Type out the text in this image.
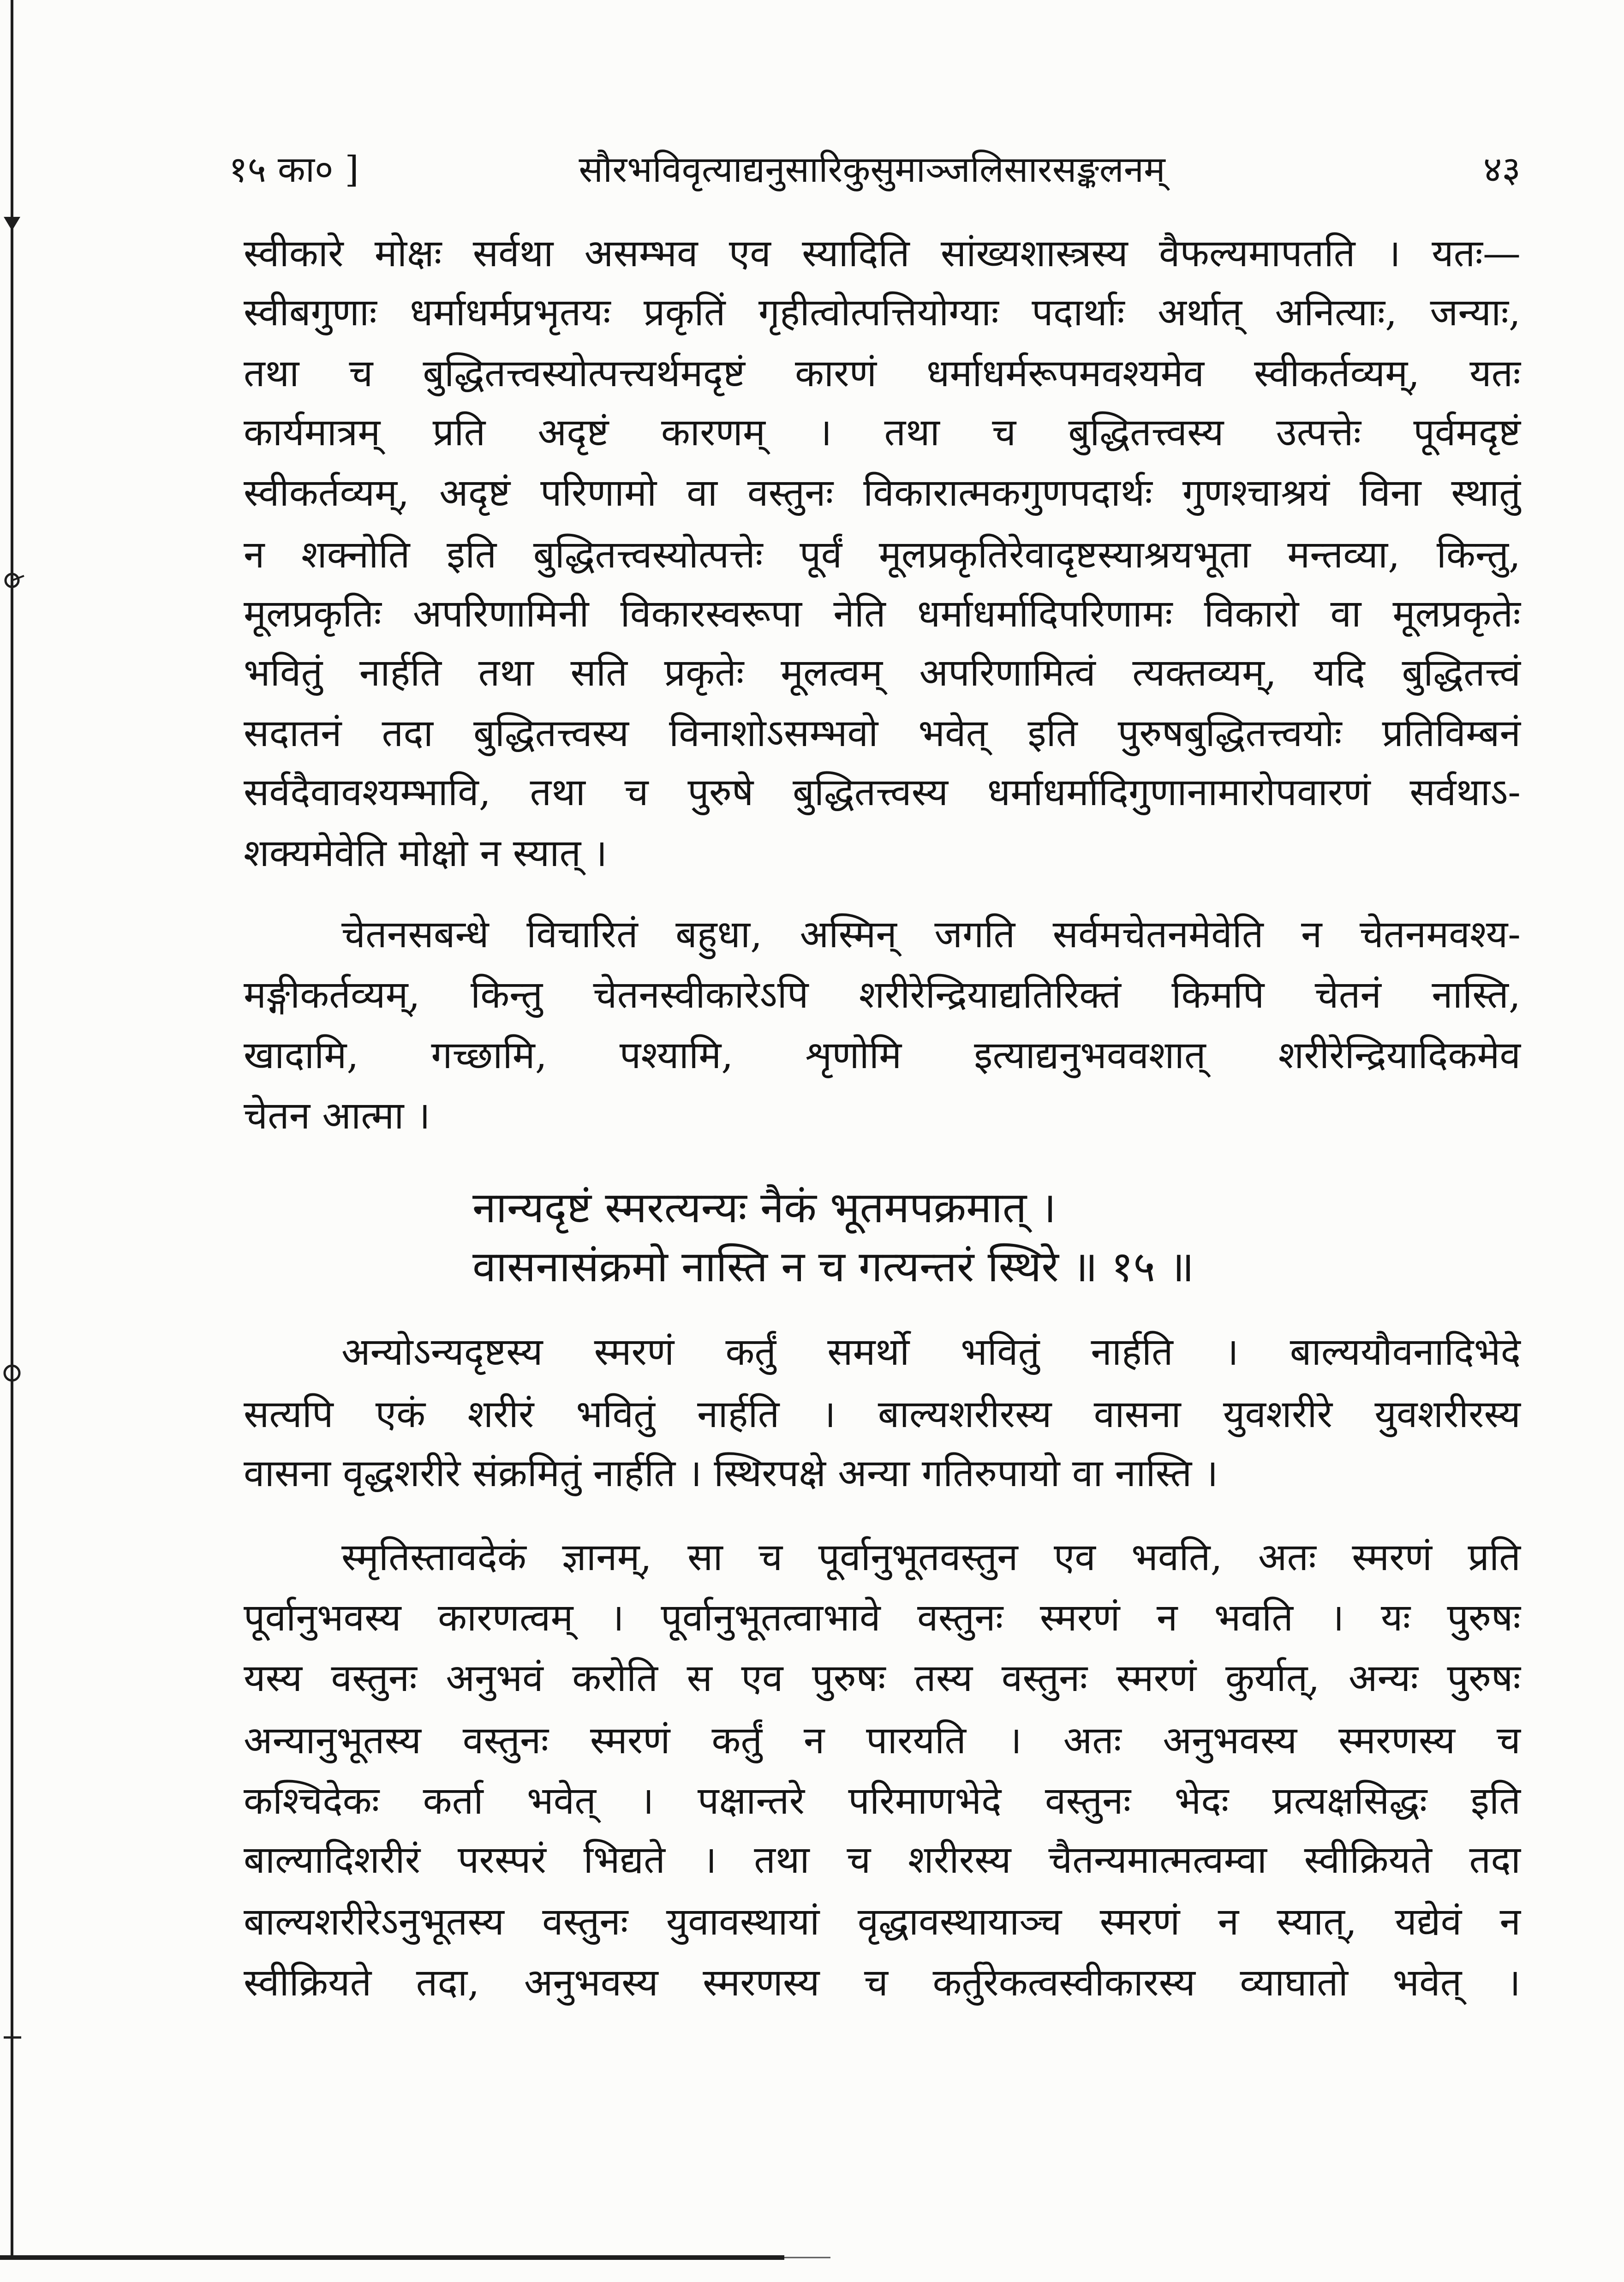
१५ का० ]	सौरभविवृत्याद्यनुसारिकुसुमाञ्जलिसारसङ्कलनम्	४३
स्वीकारे मोक्षः सर्वथा असम्भव एव स्यादिति सांख्यशास्त्रस्य वैफल्यमापतति । यतः—
स्वीबगुणाः धर्माधर्मप्रभृतयः प्रकृतिं गृहीत्वोत्पत्तियोग्याः पदार्थाः अर्थात् अनित्याः, जन्याः,
तथा च बुद्धितत्त्वस्योत्पत्त्यर्थमदृष्टं कारणं धर्माधर्मरूपमवश्यमेव स्वीकर्तव्यम्, यतः
कार्यमात्रम् प्रति अदृष्टं कारणम् । तथा च बुद्धितत्त्वस्य उत्पत्तेः पूर्वमदृष्टं
स्वीकर्तव्यम्, अदृष्टं परिणामो वा वस्तुनः विकारात्मकगुणपदार्थः गुणश्चाश्रयं विना स्थातुं
न शक्नोति इति बुद्धितत्त्वस्योत्पत्तेः पूर्वं मूलप्रकृतिरेवादृष्टस्याश्रयभूता मन्तव्या, किन्तु,
मूलप्रकृतिः अपरिणामिनी विकारस्वरूपा नेति धर्माधर्मादिपरिणामः विकारो वा मूलप्रकृतेः
भवितुं नार्हति तथा सति प्रकृतेः मूलत्वम् अपरिणामित्वं त्यक्तव्यम्, यदि बुद्धितत्त्वं
सदातनं तदा बुद्धितत्त्वस्य विनाशोऽसम्भवो भवेत् इति पुरुषबुद्धितत्त्वयोः प्रतिविम्बनं
सर्वदैवावश्यम्भावि, तथा च पुरुषे बुद्धितत्त्वस्य धर्माधर्मादिगुणानामारोपवारणं सर्वथाऽ-
शक्यमेवेति मोक्षो न स्यात् ।
चेतनसबन्धे विचारितं बहुधा, अस्मिन् जगति सर्वमचेतनमेवेति न चेतनमवश्य-
मङ्गीकर्तव्यम्, किन्तु चेतनस्वीकारेऽपि शरीरेन्द्रियाद्यतिरिक्तं किमपि चेतनं नास्ति,
खादामि, गच्छामि, पश्यामि, शृणोमि इत्याद्यनुभववशात् शरीरेन्द्रियादिकमेव
चेतन आत्मा ।
नान्यदृष्टं स्मरत्यन्यः नैकं भूतमपक्रमात् ।
वासनासंक्रमो नास्ति न च गत्यन्तरं स्थिरे ॥ १५ ॥
अन्योऽन्यदृष्टस्य स्मरणं कर्तुं समर्थो भवितुं नार्हति । बाल्ययौवनादिभेदे
सत्यपि एकं शरीरं भवितुं नार्हति । बाल्यशरीरस्य वासना युवशरीरे युवशरीरस्य
वासना वृद्धशरीरे संक्रमितुं नार्हति । स्थिरपक्षे अन्या गतिरुपायो वा नास्ति ।
स्मृतिस्तावदेकं ज्ञानम्, सा च पूर्वानुभूतवस्तुन एव भवति, अतः स्मरणं प्रति
पूर्वानुभवस्य कारणत्वम् । पूर्वानुभूतत्वाभावे वस्तुनः स्मरणं न भवति । यः पुरुषः
यस्य वस्तुनः अनुभवं करोति स एव पुरुषः तस्य वस्तुनः स्मरणं कुर्यात्, अन्यः पुरुषः
अन्यानुभूतस्य वस्तुनः स्मरणं कर्तुं न पारयति । अतः अनुभवस्य स्मरणस्य च
कश्चिदेकः कर्ता भवेत् । पक्षान्तरे परिमाणभेदे वस्तुनः भेदः प्रत्यक्षसिद्धः इति
बाल्यादिशरीरं परस्परं भिद्यते । तथा च शरीरस्य चैतन्यमात्मत्वम्वा स्वीक्रियते तदा
बाल्यशरीरेऽनुभूतस्य वस्तुनः युवावस्थायां वृद्धावस्थायाञ्च स्मरणं न स्यात्, यद्येवं न
स्वीक्रियते तदा, अनुभवस्य स्मरणस्य च कर्तुरेकत्वस्वीकारस्य व्याघातो भवेत् ।
